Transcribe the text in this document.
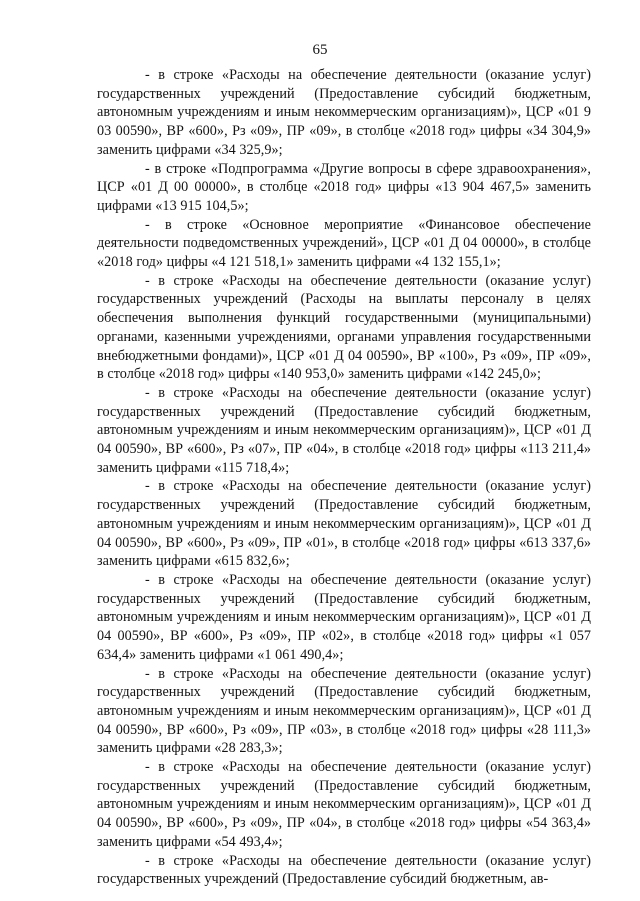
65

- в строке «Расходы на обеспечение деятельности (оказание услуг) государственных учреждений (Предоставление субсидий бюджетным, автономным учреждениям и иным некоммерческим организациям)», ЦСР «01 9 03 00590», ВР «600», Рз «09», ПР «09», в столбце «2018 год» цифры «34 304,9» заменить цифрами «34 325,9»;

- в строке «Подпрограмма «Другие вопросы в сфере здравоохранения», ЦСР «01 Д 00 00000», в столбце «2018 год» цифры «13 904 467,5» заменить цифрами «13 915 104,5»;

- в строке «Основное мероприятие «Финансовое обеспечение деятельности подведомственных учреждений», ЦСР «01 Д 04 00000», в столбце «2018 год» цифры «4 121 518,1» заменить цифрами «4 132 155,1»;

- в строке «Расходы на обеспечение деятельности (оказание услуг) государственных учреждений (Расходы на выплаты персоналу в целях обеспечения выполнения функций государственными (муниципальными) органами, казенными учреждениями, органами управления государственными внебюджетными фондами)», ЦСР «01 Д 04 00590», ВР «100», Рз «09», ПР «09», в столбце «2018 год» цифры «140 953,0» заменить цифрами «142 245,0»;

- в строке «Расходы на обеспечение деятельности (оказание услуг) государственных учреждений (Предоставление субсидий бюджетным, автономным учреждениям и иным некоммерческим организациям)», ЦСР «01 Д 04 00590», ВР «600», Рз «07», ПР «04», в столбце «2018 год» цифры «113 211,4» заменить цифрами «115 718,4»;

- в строке «Расходы на обеспечение деятельности (оказание услуг) государственных учреждений (Предоставление субсидий бюджетным, автономным учреждениям и иным некоммерческим организациям)», ЦСР «01 Д 04 00590», ВР «600», Рз «09», ПР «01», в столбце «2018 год» цифры «613 337,6» заменить цифрами «615 832,6»;

- в строке «Расходы на обеспечение деятельности (оказание услуг) государственных учреждений (Предоставление субсидий бюджетным, автономным учреждениям и иным некоммерческим организациям)», ЦСР «01 Д 04 00590», ВР «600», Рз «09», ПР «02», в столбце «2018 год» цифры «1 057 634,4» заменить цифрами «1 061 490,4»;

- в строке «Расходы на обеспечение деятельности (оказание услуг) государственных учреждений (Предоставление субсидий бюджетным, автономным учреждениям и иным некоммерческим организациям)», ЦСР «01 Д 04 00590», ВР «600», Рз «09», ПР «03», в столбце «2018 год» цифры «28 111,3» заменить цифрами «28 283,3»;

- в строке «Расходы на обеспечение деятельности (оказание услуг) государственных учреждений (Предоставление субсидий бюджетным, автономным учреждениям и иным некоммерческим организациям)», ЦСР «01 Д 04 00590», ВР «600», Рз «09», ПР «04», в столбце «2018 год» цифры «54 363,4» заменить цифрами «54 493,4»;

- в строке «Расходы на обеспечение деятельности (оказание услуг) государственных учреждений (Предоставление субсидий бюджетным, ав-
